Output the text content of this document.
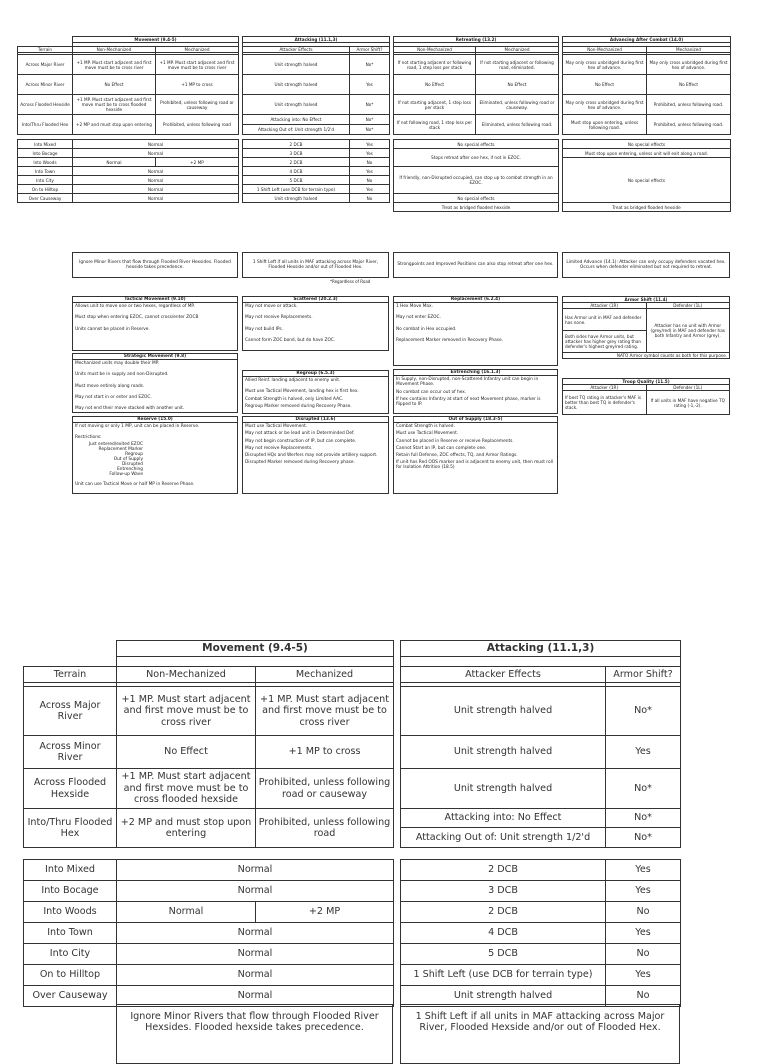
	Movement (9.4-5)	

Terrain	Non-Mechanized	Mechanized

Across Major River	+1 MP. Must start adjacent and first move must be to cross river	+1 MP. Must start adjacent and first move must be to cross river
Across Minor River	No Effect	+1 MP to cross
Across Flooded Hexside	+1 MP. Must start adjacent and first move must be to cross flooded hexside	Prohibited, unless following road or causeway
Into/Thru Flooded Hex	+2 MP and must stop upon entering	Prohibited, unless following road

Into Mixed	Normal	
Into Bocage	Normal	
Into Woods	Normal	+2 MP
Into Town	Normal	
Into City	Normal	
On to Hilltop	Normal	
Over Causeway	Normal	
Ignore Minor Rivers that flow through Flooded River Hexsides. Flooded hexside takes precedence.
Attacking (11.1,3)	

Attacker Effects	Armor Shift?

Unit strength halved	No*
Unit strength halved	Yes
Unit strength halved	No*
Attacking into: No Effect	No*
Attacking Out of: Unit strength 1/2'd	No*

2 DCB	Yes
3 DCB	Yes
2 DCB	No
4 DCB	Yes
5 DCB	No
1 Shift Left (use DCB for terrain type)	Yes
Unit strength halved	No
1 Shift Left if all units in MAF attacking across Major River, Flooded Hexside and/or out of Flooded Hex.
*Regardless of Road
Retreating (13.2)	

Non-Mechanized	Mechanized

If not starting adjacent or following road, 1 step loss per stack	If not starting adjacent or following road, eliminated.
No Effect	No Effect
If not starting adjacent, 1 step loss per stack	Eliminated, unless following road or causeway.
If not following road, 1 step loss per stack	Eliminated, unless following road.

No special effects	
Stops retreat after one hex, if not in EZOC.	
If friendly, non-Disrupted occupied, can stop up to combat strength in an EZOC.	
No special effects	
Treat as bridged flooded hexside	
Strongpoints and Improved Positions can also stop retreat after one hex.
Advancing After Combat (14.0)	

Non-Mechanized	Mechanized

May only cross unbridged during first hex of advance.	May only cross unbridged during first hex of advance.
No Effect	No Effect
May only cross unbridged during first hex of advance.	Prohibited, unless following road.
Must stop upon entering, unless following road.	Prohibited, unless following road.

No special effects	
Must stop upon entering, unless unit will exit along a road.	
No special effects	
Treat as bridged flooded hexside	
Limited Advance (14.1): Attacker can only occupy defenders vacated hex. Occurs when defender eliminated but not required to retreat.
Tactical Movement (9.10)
Allows unit to move one or two hexes, regardless of MP.
Must stop when entering EZOC, cannot cross/enter ZOCB
Units cannot be placed in Reserve.
Strategic Movement (9.8)
Mechanized units may double their MP.
Units must be in supply and non-Disrupted.
Must move entirely along roads.
May not start in or enter and EZOC.
May not end their move stacked with another unit.
Reserve (15.0)
If not moving or only 1 MP, unit can be placed in Reserve.
Restrictions:
Just entered/exited EZOC
Replacement Marker
Regroup
Out of Supply
Disrupted
Entrenching
Follow-up Wave
Unit can use Tactical Move or half MP in Reserve Phase.
Scattered (20.2.3)
May not move or attack.
May not receive Replacements.
May not build IPs.
Cannot form ZOC bond, but do have ZOC.
Regroup (6.5.3)
Allied Reinf. landing adjacent to enemy unit.
Must use Tactical Movement, landing hex is first hex.
Combat Strength is halved, only Limited AAC.
Regroup Marker removed during Recovery Phase.
Disrupted (13.6)
Must use Tactical Movement.
May not attack or be lead unit in Determinded Def.
May not begin construction of IP, but can complete.
May not receive Replacements.
Disrupted HQs and Werfers may not provide artillery support.
Disrupted Marker removed during Recovery phase.
Replacement (6.2.4)
1 Hex Move Max.
May not enter EZOC.
No combat in Hex occupied.
Replacement Marker removed in Recovery Phase.
Entrenching (16.1.3)
In Supply, non-Disrupted, non-Scattered Infantry unit can begin in Movement Phase.
No combat can occur out of hex.
If hex contains Infantry at start of next Movement phase, marker is flipped to IP.
Out of Supply (18.3-5)
Combat Strength is halved.
Must use Tactical Movement.
Cannot be placed in Reserve or receive Replacements.
Cannot Start an IP, but can complete one.
Retain full Defense, ZOC effects, TQ, and Armor Ratings.
If unit has Red OOS marker and is adjacent to enemy unit, then must roll for Isolation Attrition (18.5)
Armor Shift (11.4)	
Attacker (1R)	Defender (1L)
Has Armor unit in MAF and defender has none.	Attacker has no unit with Armor (grey/red) in MAF and defender has both Infantry and Armor (grey).
Both sides have Armor units, but attacker has higher grey rating than defender's highest grey/red rating.	
NATO Armor symbol counts as both for this purpose.	
Troop Quality (11.5)	
Attacker (1R)	Defender (1L)
If best TQ rating in attacker's MAF is better than best TQ in defender's stack.	If all units in MAF have negative TQ rating (-1,-2).
	Movement (9.4-5)	

Terrain	Non-Mechanized	Mechanized

Across Major River	+1 MP. Must start adjacent and first move must be to cross river	+1 MP. Must start adjacent and first move must be to cross river
Across Minor River	No Effect	+1 MP to cross
Across Flooded Hexside	+1 MP. Must start adjacent and first move must be to cross flooded hexside	Prohibited, unless following road or causeway
Into/Thru Flooded Hex	+2 MP and must stop upon entering	Prohibited, unless following road

Into Mixed	Normal	
Into Bocage	Normal	
Into Woods	Normal	+2 MP
Into Town	Normal	
Into City	Normal	
On to Hilltop	Normal	
Over Causeway	Normal	
Ignore Minor Rivers that flow through Flooded River Hexsides. Flooded hexside takes precedence.
Attacking (11.1,3)	

Attacker Effects	Armor Shift?

Unit strength halved	No*
Unit strength halved	Yes
Unit strength halved	No*
Attacking into: No Effect	No*
Attacking Out of: Unit strength 1/2'd	No*

2 DCB	Yes
3 DCB	Yes
2 DCB	No
4 DCB	Yes
5 DCB	No
1 Shift Left (use DCB for terrain type)	Yes
Unit strength halved	No
1 Shift Left if all units in MAF attacking across Major River, Flooded Hexside and/or out of Flooded Hex.
